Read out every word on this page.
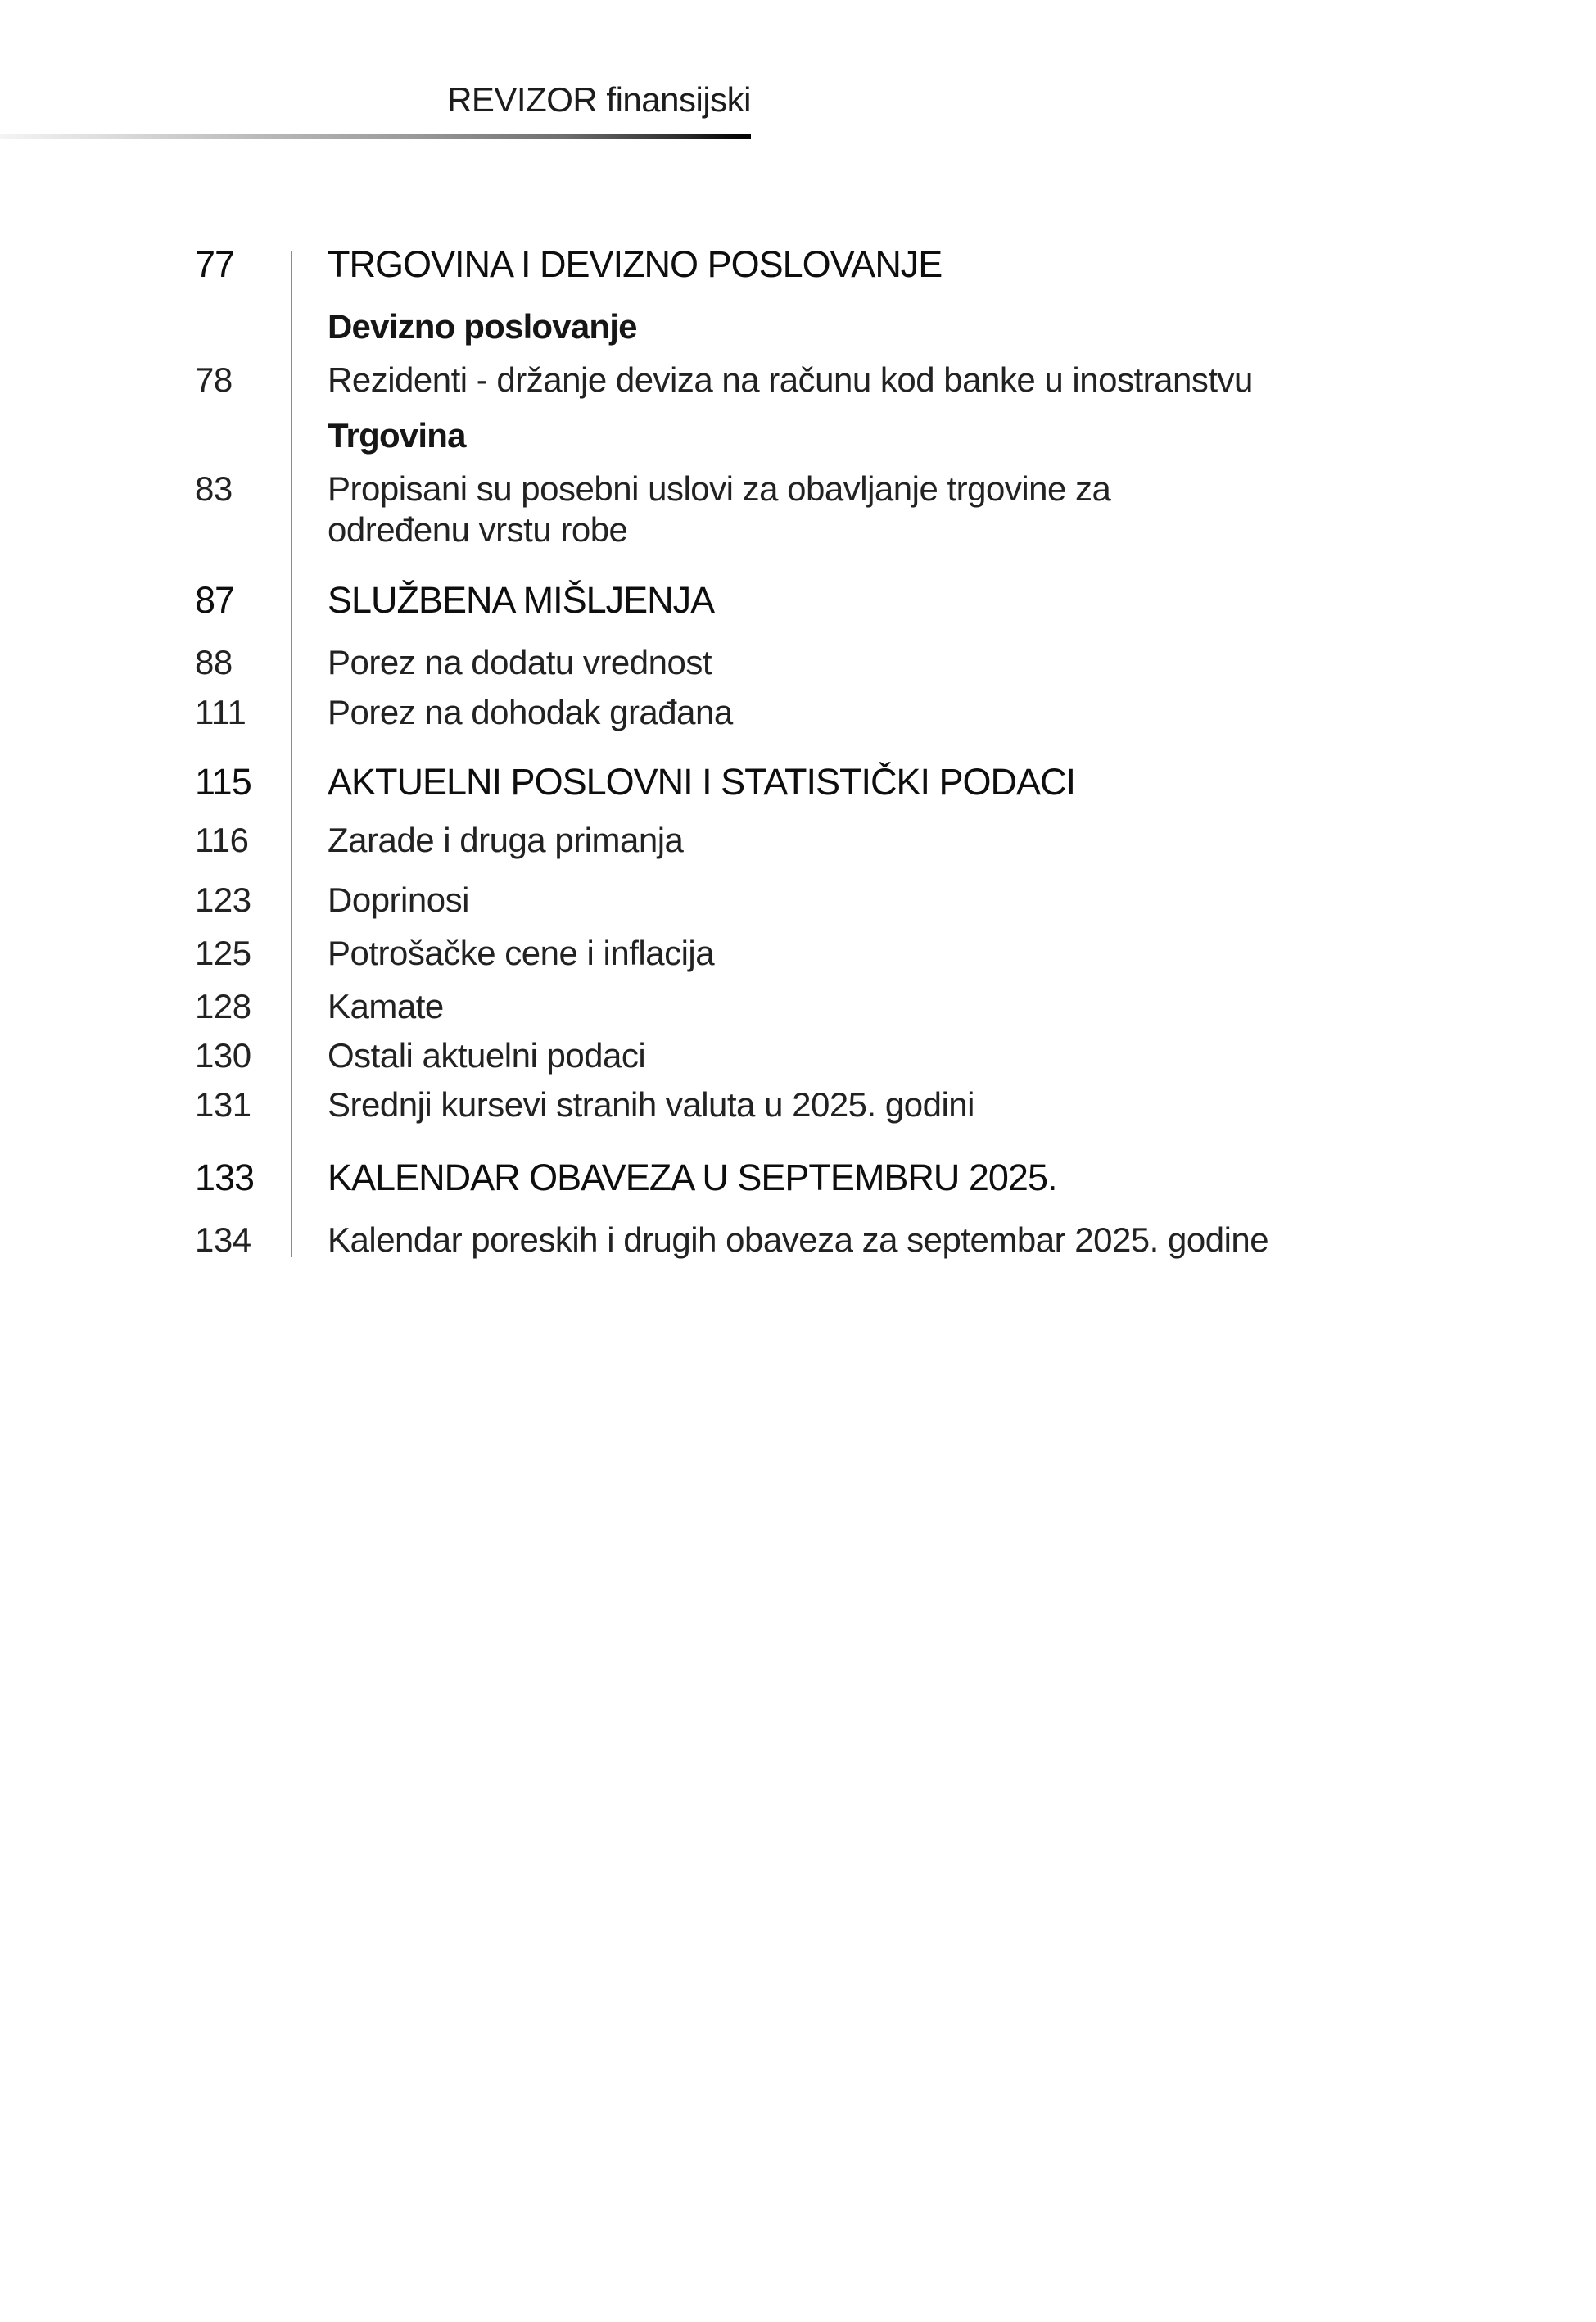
REVIZOR finansijski
77	TRGOVINA I DEVIZNO POSLOVANJE
Devizno poslovanje
78	Rezidenti - držanje deviza na računu kod banke u inostranstvu
Trgovina
83	Propisani su posebni uslovi za obavljanje trgovine za
određenu vrstu robe
87	SLUŽBENA MIŠLJENJA
88	Porez na dodatu vrednost
111	Porez na dohodak građana
115	AKTUELNI POSLOVNI I STATISTIČKI PODACI
116	Zarade i druga primanja
123	Doprinosi
125	Potrošačke cene i inflacija
128	Kamate
130	Ostali aktuelni podaci
131	Srednji kursevi stranih valuta u 2025. godini
133	KALENDAR OBAVEZA U SEPTEMBRU 2025.
134	Kalendar poreskih i drugih obaveza za septembar 2025. godine
